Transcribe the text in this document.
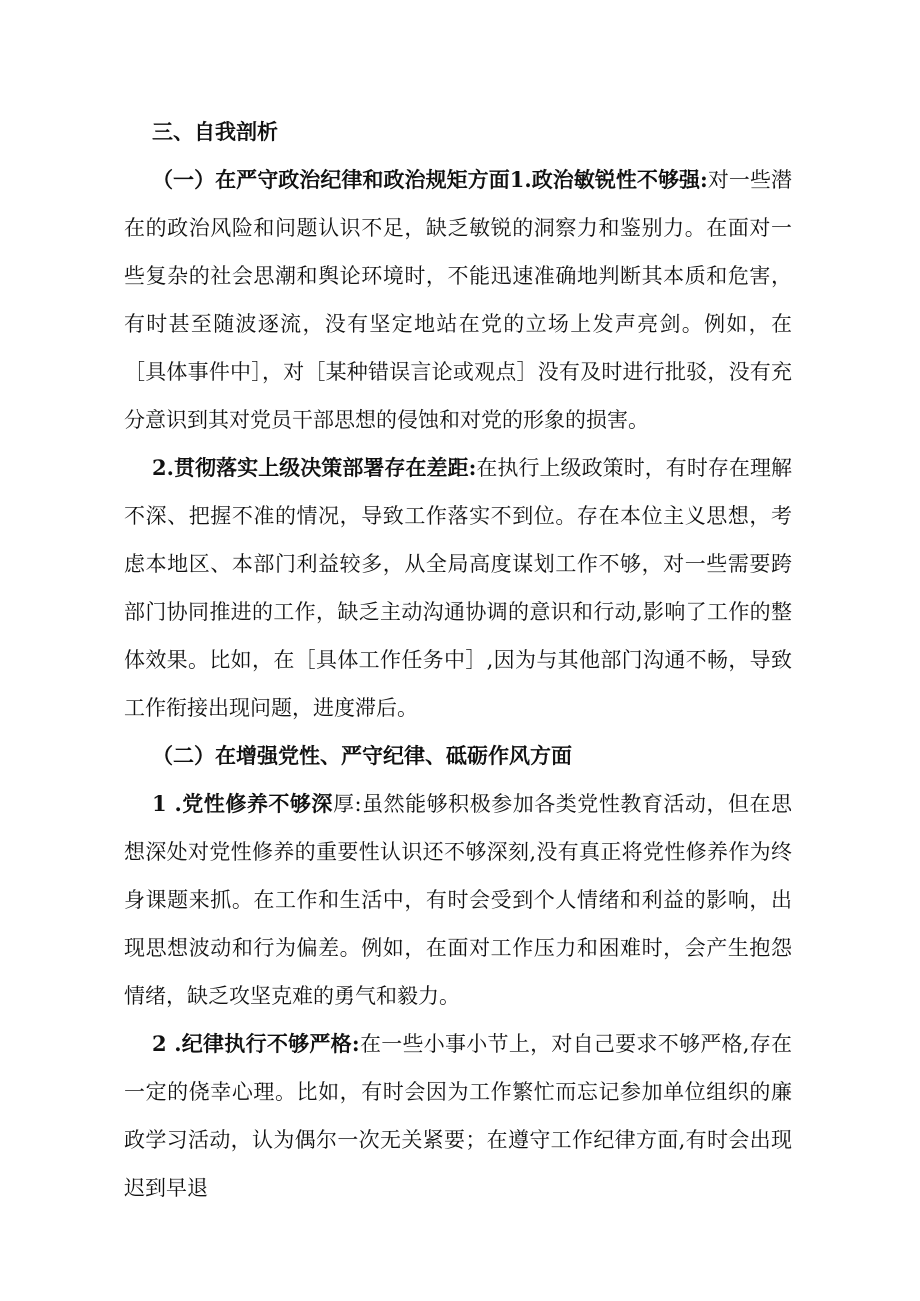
三、自我剖析

（一）在严守政治纪律和政治规矩方面1.政治敏锐性不够强:对一些潜在的政治风险和问题认识不足，缺乏敏锐的洞察力和鉴别力。在面对一些复杂的社会思潮和舆论环境时，不能迅速准确地判断其本质和危害，有时甚至随波逐流，没有坚定地站在党的立场上发声亮剑。例如，在［具体事件中］，对［某种错误言论或观点］没有及时进行批驳，没有充分意识到其对党员干部思想的侵蚀和对党的形象的损害。

2.贯彻落实上级决策部署存在差距:在执行上级政策时，有时存在理解不深、把握不准的情况，导致工作落实不到位。存在本位主义思想，考虑本地区、本部门利益较多，从全局高度谋划工作不够，对一些需要跨部门协同推进的工作，缺乏主动沟通协调的意识和行动,影响了工作的整体效果。比如，在［具体工作任务中］,因为与其他部门沟通不畅，导致工作衔接出现问题，进度滞后。

（二）在增强党性、严守纪律、砥砺作风方面

1 .党性修养不够深厚:虽然能够积极参加各类党性教育活动，但在思想深处对党性修养的重要性认识还不够深刻,没有真正将党性修养作为终身课题来抓。在工作和生活中，有时会受到个人情绪和利益的影响，出现思想波动和行为偏差。例如，在面对工作压力和困难时，会产生抱怨情绪，缺乏攻坚克难的勇气和毅力。

2 .纪律执行不够严格:在一些小事小节上，对自己要求不够严格,存在一定的侥幸心理。比如，有时会因为工作繁忙而忘记参加单位组织的廉政学习活动，认为偶尔一次无关紧要；在遵守工作纪律方面,有时会出现迟到早退
